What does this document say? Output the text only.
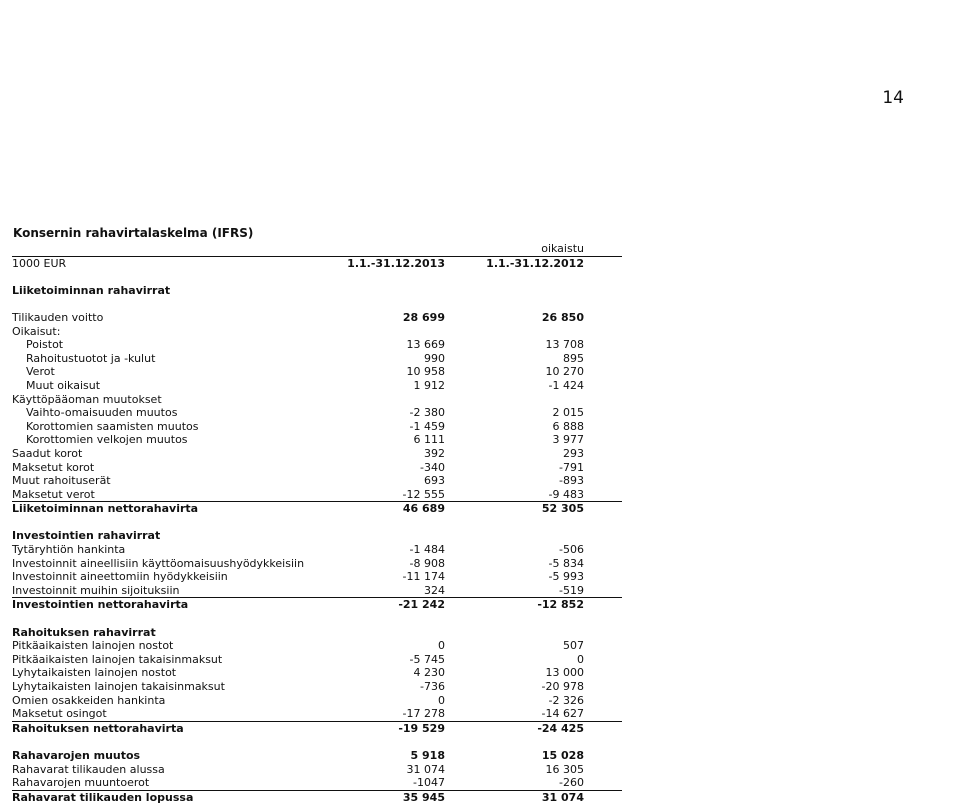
14
Konsernin rahavirtalaskelma (IFRS)
oikaistu
1000 EUR	1.1.-31.12.2013	1.1.-31.12.2012
Liiketoiminnan rahavirrat
Tilikauden voitto	28 699	26 850
Oikaisut:
Poistot	13 669	13 708
Rahoitustuotot ja -kulut	990	895
Verot	10 958	10 270
Muut oikaisut	1 912	-1 424
Käyttöpääoman muutokset
Vaihto-omaisuuden muutos	-2 380	2 015
Korottomien saamisten muutos	-1 459	6 888
Korottomien velkojen muutos	6 111	3 977
Saadut korot	392	293
Maksetut korot	-340	-791
Muut rahoituserät	693	-893
Maksetut verot	-12 555	-9 483
Liiketoiminnan nettorahavirta	46 689	52 305
Investointien rahavirrat
Tytäryhtiön hankinta	-1 484	-506
Investoinnit aineellisiin käyttöomaisuushyödykkeisiin	-8 908	-5 834
Investoinnit aineettomiin hyödykkeisiin	-11 174	-5 993
Investoinnit muihin sijoituksiin	324	-519
Investointien nettorahavirta	-21 242	-12 852
Rahoituksen rahavirrat
Pitkäaikaisten lainojen nostot	0	507
Pitkäaikaisten lainojen takaisinmaksut	-5 745	0
Lyhytaikaisten lainojen nostot	4 230	13 000
Lyhytaikaisten lainojen takaisinmaksut	-736	-20 978
Omien osakkeiden hankinta	0	-2 326
Maksetut osingot	-17 278	-14 627
Rahoituksen nettorahavirta	-19 529	-24 425
Rahavarojen muutos	5 918	15 028
Rahavarat tilikauden alussa	31 074	16 305
Rahavarojen muuntoerot	-1047	-260
Rahavarat tilikauden lopussa	35 945	31 074
